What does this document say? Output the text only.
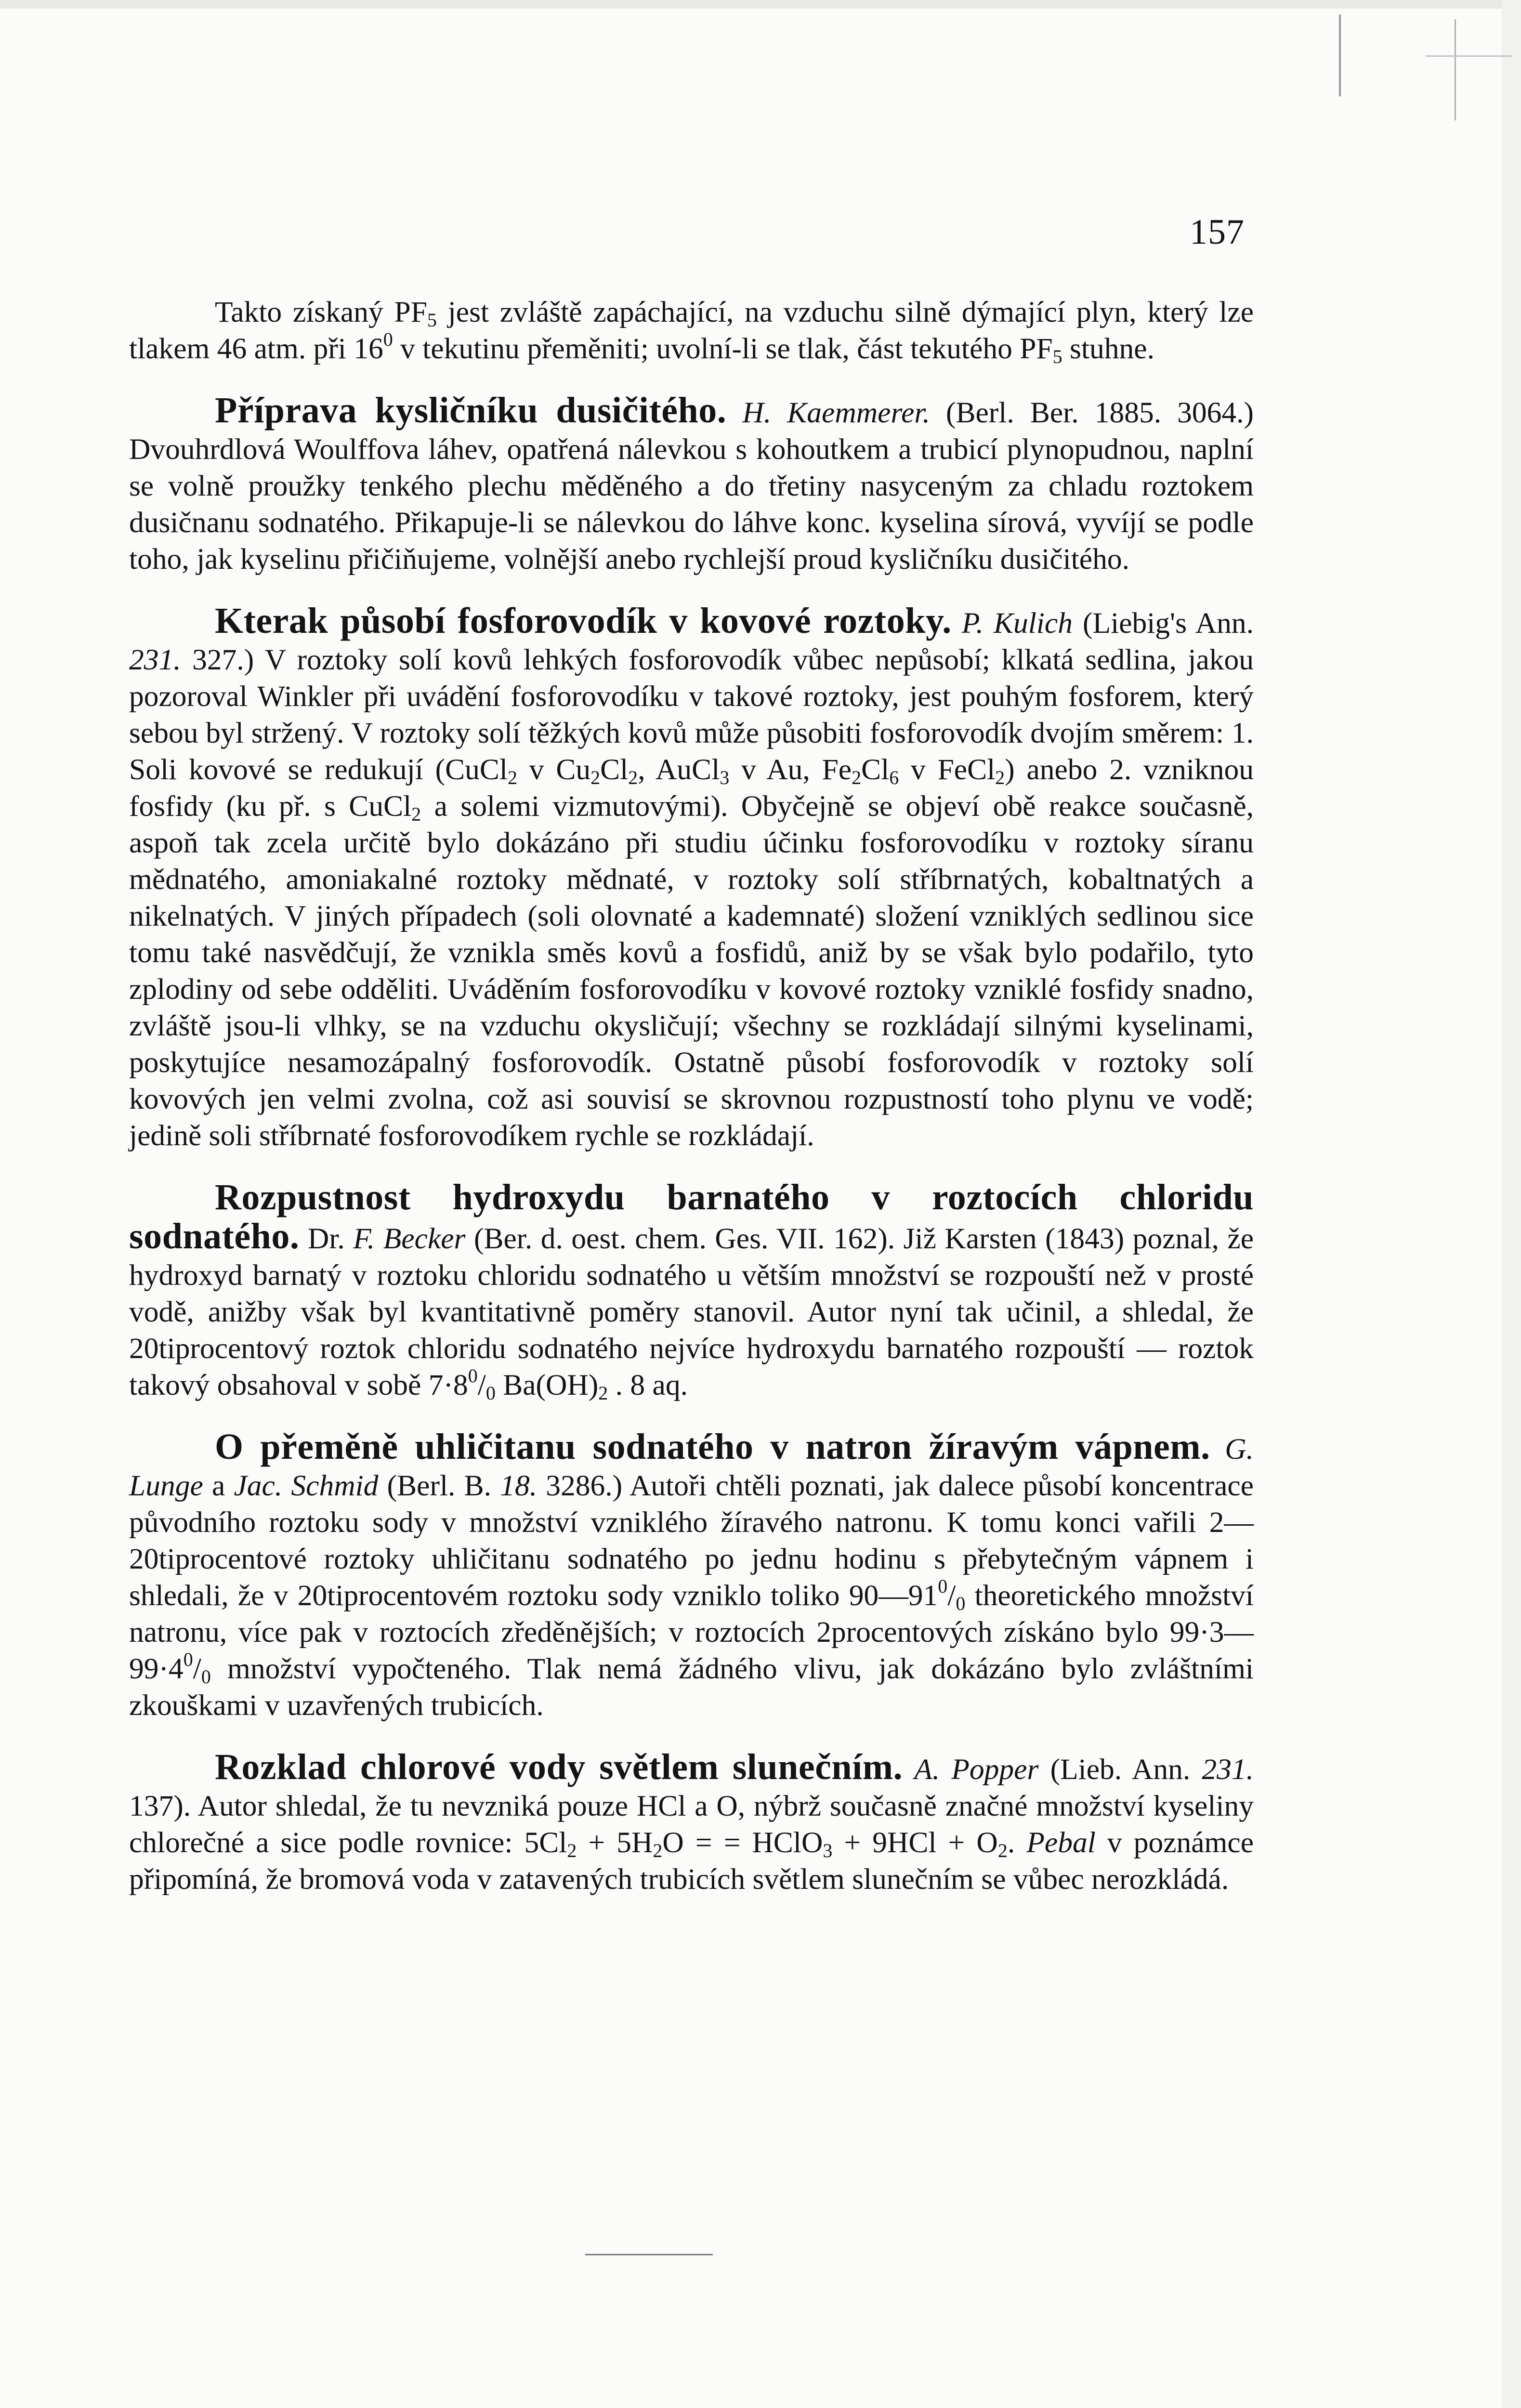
157

Takto získaný $PF_5$ jest zvláště zapáchající, na vzduchu silně dýmající plyn, který lze tlakem 46 atm. při $16^0$ v tekutinu přeměniti; uvolní-li se tlak, část tekutého $PF_5$ stuhne.

Příprava kysličníku dusičitého. H. Kaemmerer. (Berl. Ber. 1885. 3064.) Dvouhrdlová Woulffova láhev, opatřená nálevkou s kohoutkem a trubicí plynopudnou, naplní se volně proužky tenkého plechu měděného a do třetiny nasyceným za chladu roztokem dusičnanu sodnatého. Přikapuje-li se nálevkou do láhve konc. kyselina sírová, vyvíjí se podle toho, jak kyselinu přičiňujeme, volnější anebo rychlejší proud kysličníku dusičitého.

Kterak působí fosforovodík v kovové roztoky. P. Kulich (Liebig's Ann. 231. 327.) V roztoky solí kovů lehkých fosforovodík vůbec nepůsobí; klkatá sedlina, jakou pozoroval Winkler při uvádění fosforovodíku v takové roztoky, jest pouhým fosforem, který sebou byl stržený. V roztoky solí těžkých kovů může působiti fosforovodík dvojím směrem: 1. Soli kovové se redukují (CuCl$_2$ v $Cu_2Cl_2$, AuCl$_3$ v Au, $Fe_2Cl_6$ v FeCl$_2$) anebo 2. vzniknou fosfidy (ku př. s CuCl$_2$ a solemi vizmutovými). Obyčejně se objeví obě reakce současně, aspoň tak zcela určitě bylo dokázáno při studiu účinku fosforovodíku v roztoky síranu mědnatého, amoniakalné roztoky mědnaté, v roztoky solí stříbrnatých, kobaltnatých a nikelnatých. V jiných případech (soli olovnaté a kademnaté) složení vzniklých sedlinou sice tomu také nasvědčují, že vznikla směs kovů a fosfidů, aniž by se však bylo podařilo, tyto zplodiny od sebe odděliti. Uváděním fosforovodíku v kovové roztoky vzniklé fosfidy snadno, zvláště jsou-li vlhky, se na vzduchu okysličují; všechny se rozkládají silnými kyselinami, poskytujíce nesamozápalný fosforovodík. Ostatně působí fosforovodík v roztoky solí kovových jen velmi zvolna, což asi souvisí se skrovnou rozpustností toho plynu ve vodě; jedině soli stříbrnaté fosforovodíkem rychle se rozkládají.

Rozpustnost hydroxydu barnatého v roztocích chloridu sodnatého. Dr. F. Becker (Ber. d. oest. chem. Ges. VII. 162). Již Karsten (1843) poznal, že hydroxyd barnatý v roztoku chloridu sodnatého u větším množství se rozpouští než v prosté vodě, anižby však byl kvantitativně poměry stanovil. Autor nyní tak učinil, a shledal, že 20tiprocentový roztok chloridu sodnatého nejvíce hydroxydu barnatého rozpouští — roztok takový obsahoval v sobě $7\cdot 8^0/_0$ $Ba(OH)_2$ . 8 aq.

O přeměně uhličitanu sodnatého v natron žíravým vápnem. G. Lunge a Jac. Schmid (Berl. B. 18. 3286.) Autoři chtěli poznati, jak dalece působí koncentrace původního roztoku sody v množství vzniklého žíravého natronu. K tomu konci vařili 2—20tiprocentové roztoky uhličitanu sodnatého po jednu hodinu s přebytečným vápnem i shledali, že v 20tiprocentovém roztoku sody vzniklo toliko $90—91^0/_0$ theoretického množství natronu, více pak v roztocích zředěnějších; v roztocích 2procentových získáno bylo $99\cdot 3—99\cdot 4^0/_0$ množství vypočteného. Tlak nemá žádného vlivu, jak dokázáno bylo zvláštními zkouškami v uzavřených trubicích.

Rozklad chlorové vody světlem slunečním. A. Popper (Lieb. Ann. 231. 137). Autor shledal, že tu nevzniká pouze HCl a O, nýbrž současně značné množství kyseliny chlorečné a sice podle rovnice: $5Cl_2 + 5H_2O$ = = HClO$_3$ + $9HCl + O_2$. Pebal v poznámce připomíná, že bromová voda v zatavených trubicích světlem slunečním se vůbec nerozkládá.
